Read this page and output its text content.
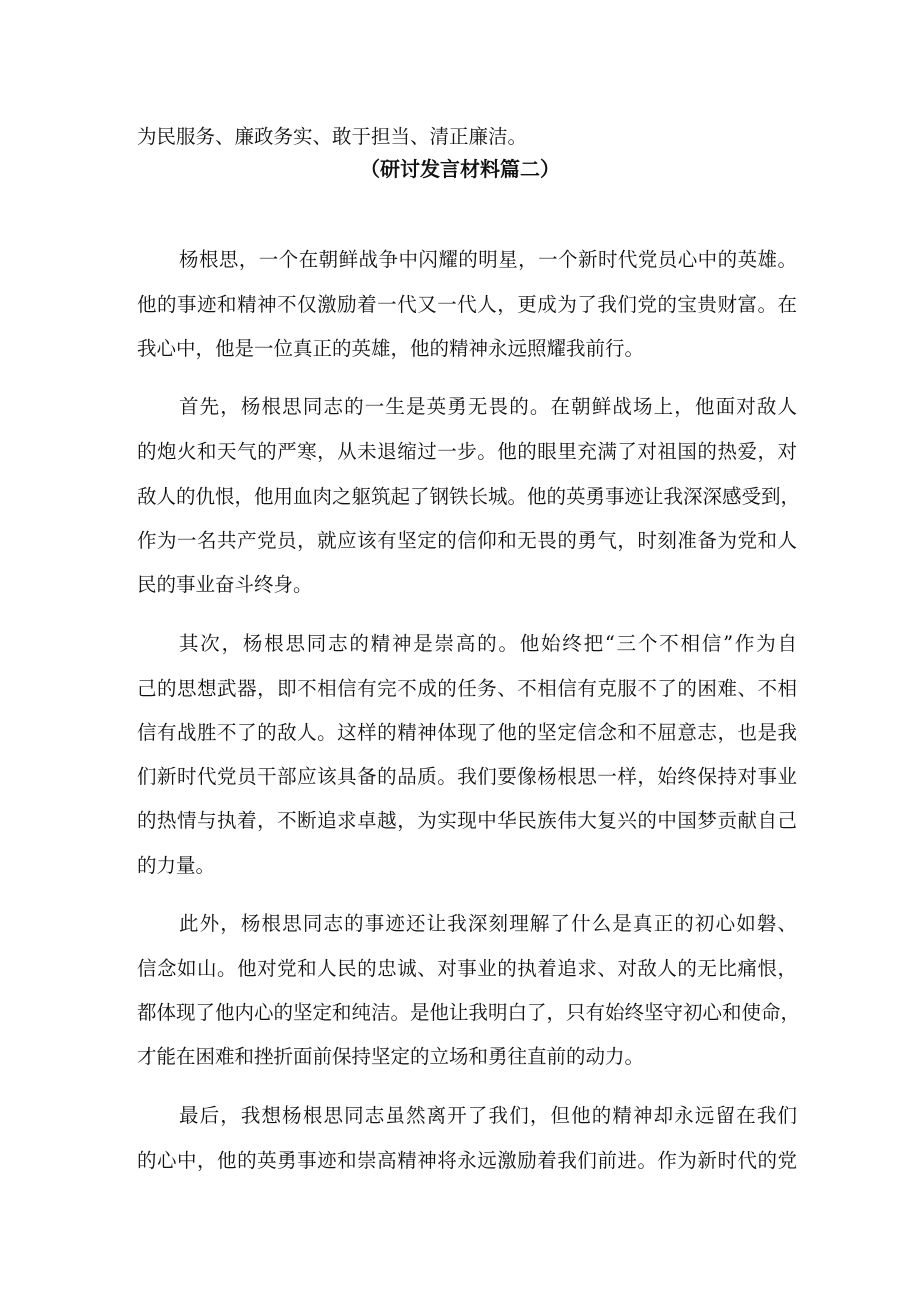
为民服务、廉政务实、敢于担当、清正廉洁。
（研讨发言材料篇二）
杨根思，一个在朝鲜战争中闪耀的明星，一个新时代党员心中的英雄。
他的事迹和精神不仅激励着一代又一代人，更成为了我们党的宝贵财富。在
我心中，他是一位真正的英雄，他的精神永远照耀我前行。
首先，杨根思同志的一生是英勇无畏的。在朝鲜战场上，他面对敌人
的炮火和天气的严寒，从未退缩过一步。他的眼里充满了对祖国的热爱，对
敌人的仇恨，他用血肉之躯筑起了钢铁长城。他的英勇事迹让我深深感受到，
作为一名共产党员，就应该有坚定的信仰和无畏的勇气，时刻准备为党和人
民的事业奋斗终身。
其次，杨根思同志的精神是崇高的。他始终把“三个不相信”作为自
己的思想武器，即不相信有完不成的任务、不相信有克服不了的困难、不相
信有战胜不了的敌人。这样的精神体现了他的坚定信念和不屈意志，也是我
们新时代党员干部应该具备的品质。我们要像杨根思一样，始终保持对事业
的热情与执着，不断追求卓越，为实现中华民族伟大复兴的中国梦贡献自己
的力量。
此外，杨根思同志的事迹还让我深刻理解了什么是真正的初心如磐、
信念如山。他对党和人民的忠诚、对事业的执着追求、对敌人的无比痛恨，
都体现了他内心的坚定和纯洁。是他让我明白了，只有始终坚守初心和使命，
才能在困难和挫折面前保持坚定的立场和勇往直前的动力。
最后，我想杨根思同志虽然离开了我们，但他的精神却永远留在我们
的心中，他的英勇事迹和崇高精神将永远激励着我们前进。作为新时代的党
